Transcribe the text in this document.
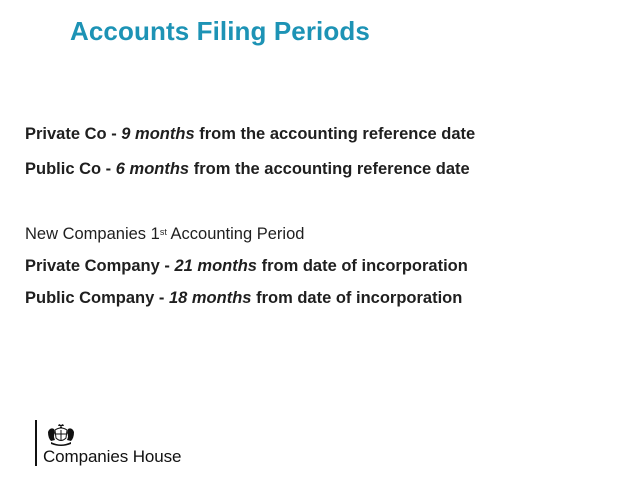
Accounts Filing Periods
Private Co - 9 months from the accounting reference date
Public Co - 6 months from the accounting reference date
New Companies 1st Accounting Period
Private Company - 21 months from date of incorporation
Public Company - 18 months from date of incorporation
Companies House
